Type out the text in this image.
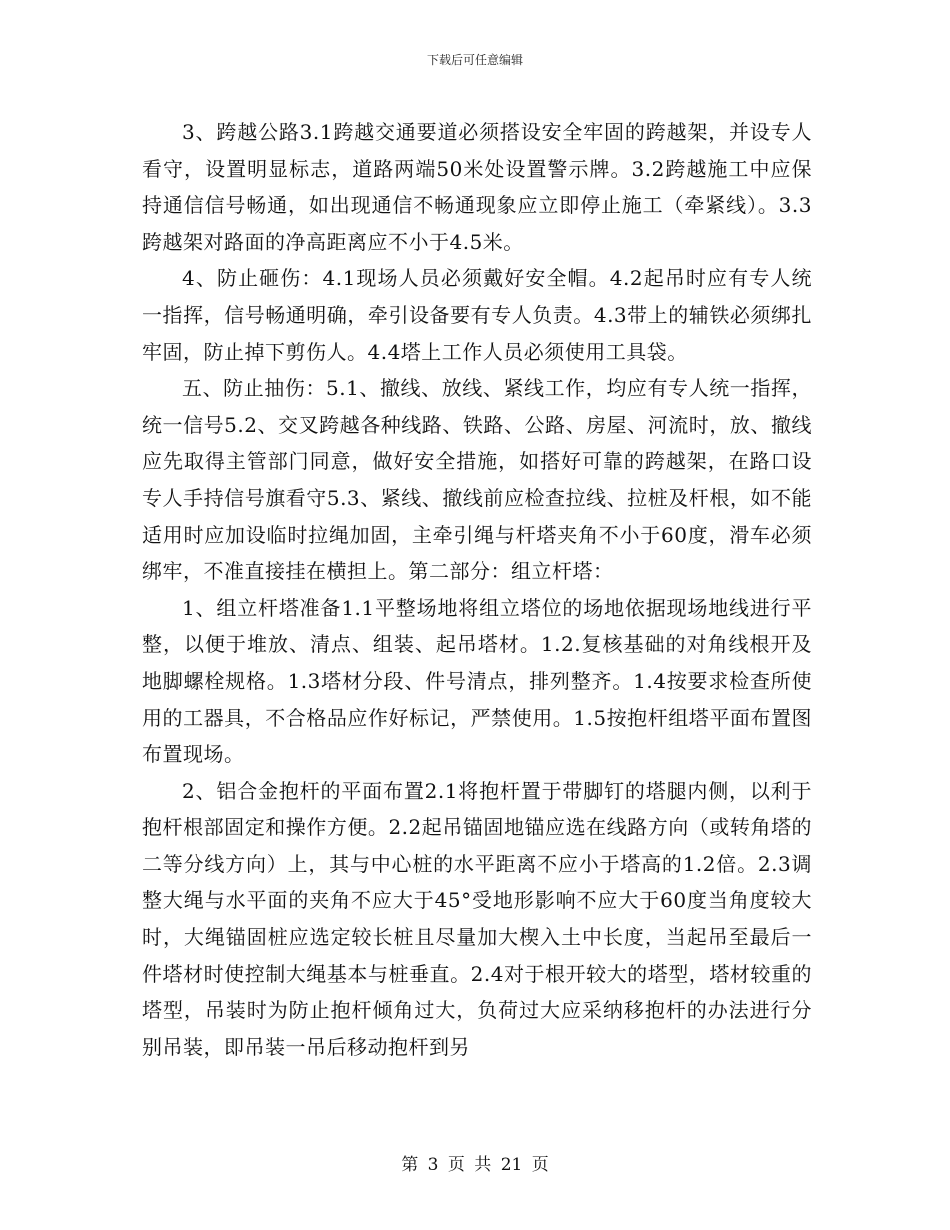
下载后可任意编辑

3、跨越公路3.1跨越交通要道必须搭设安全牢固的跨越架，并设专人看守，设置明显标志，道路两端50米处设置警示牌。3.2跨越施工中应保持通信信号畅通，如出现通信不畅通现象应立即停止施工（牵紧线）。3.3跨越架对路面的净高距离应不小于4.5米。

4、防止砸伤：4.1现场人员必须戴好安全帽。4.2起吊时应有专人统一指挥，信号畅通明确，牵引设备要有专人负责。4.3带上的辅铁必须绑扎牢固，防止掉下剪伤人。4.4塔上工作人员必须使用工具袋。

五、防止抽伤：5.1、撤线、放线、紧线工作，均应有专人统一指挥，统一信号5.2、交叉跨越各种线路、铁路、公路、房屋、河流时，放、撤线应先取得主管部门同意，做好安全措施，如搭好可靠的跨越架，在路口设专人手持信号旗看守5.3、紧线、撤线前应检查拉线、拉桩及杆根，如不能适用时应加设临时拉绳加固，主牵引绳与杆塔夹角不小于60度，滑车必须绑牢，不准直接挂在横担上。第二部分：组立杆塔：

1、组立杆塔准备1.1平整场地将组立塔位的场地依据现场地线进行平整，以便于堆放、清点、组装、起吊塔材。1.2.复核基础的对角线根开及地脚螺栓规格。1.3塔材分段、件号清点，排列整齐。1.4按要求检查所使用的工器具，不合格品应作好标记，严禁使用。1.5按抱杆组塔平面布置图布置现场。

2、铝合金抱杆的平面布置2.1将抱杆置于带脚钉的塔腿内侧，以利于抱杆根部固定和操作方便。2.2起吊锚固地锚应选在线路方向（或转角塔的二等分线方向）上，其与中心桩的水平距离不应小于塔高的1.2倍。2.3调整大绳与水平面的夹角不应大于45°受地形影响不应大于60度当角度较大时，大绳锚固桩应选定较长桩且尽量加大楔入土中长度，当起吊至最后一件塔材时使控制大绳基本与桩垂直。2.4对于根开较大的塔型，塔材较重的塔型，吊装时为防止抱杆倾角过大，负荷过大应采纳移抱杆的办法进行分别吊装，即吊装一吊后移动抱杆到另

第 3 页 共 21 页
